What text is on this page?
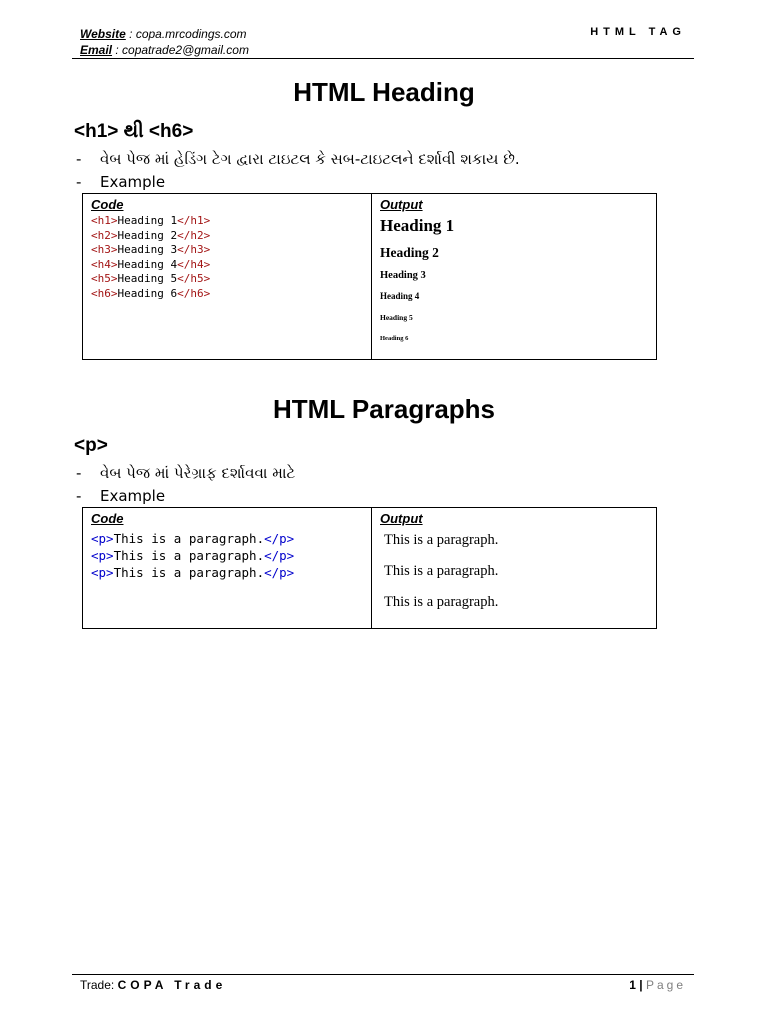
Website : copa.mrcodings.com
Email : copatrade2@gmail.com
HTML TAG
HTML Heading
<h1> થી <h6>
- વેબ પેજ માં હેડિંગ ટેગ દ્વારા ટાઇટલ કે સબ-ટાઇટલને દર્શાવી શકાય છે.
- Example
Code
<h1>Heading 1</h1>
<h2>Heading 2</h2>
<h3>Heading 3</h3>
<h4>Heading 4</h4>
<h5>Heading 5</h5>
<h6>Heading 6</h6>

Output
Heading 1
Heading 2
Heading 3
Heading 4
Heading 5
Heading 6
HTML Paragraphs
<p>
- વેબ પેજ માં પેરેગ્રાફ દર્શાવવા માટે
- Example
Code
<p>This is a paragraph.</p>
<p>This is a paragraph.</p>
<p>This is a paragraph.</p>

Output
This is a paragraph.
This is a paragraph.
This is a paragraph.
Trade: COPA Trade	1 | Page
